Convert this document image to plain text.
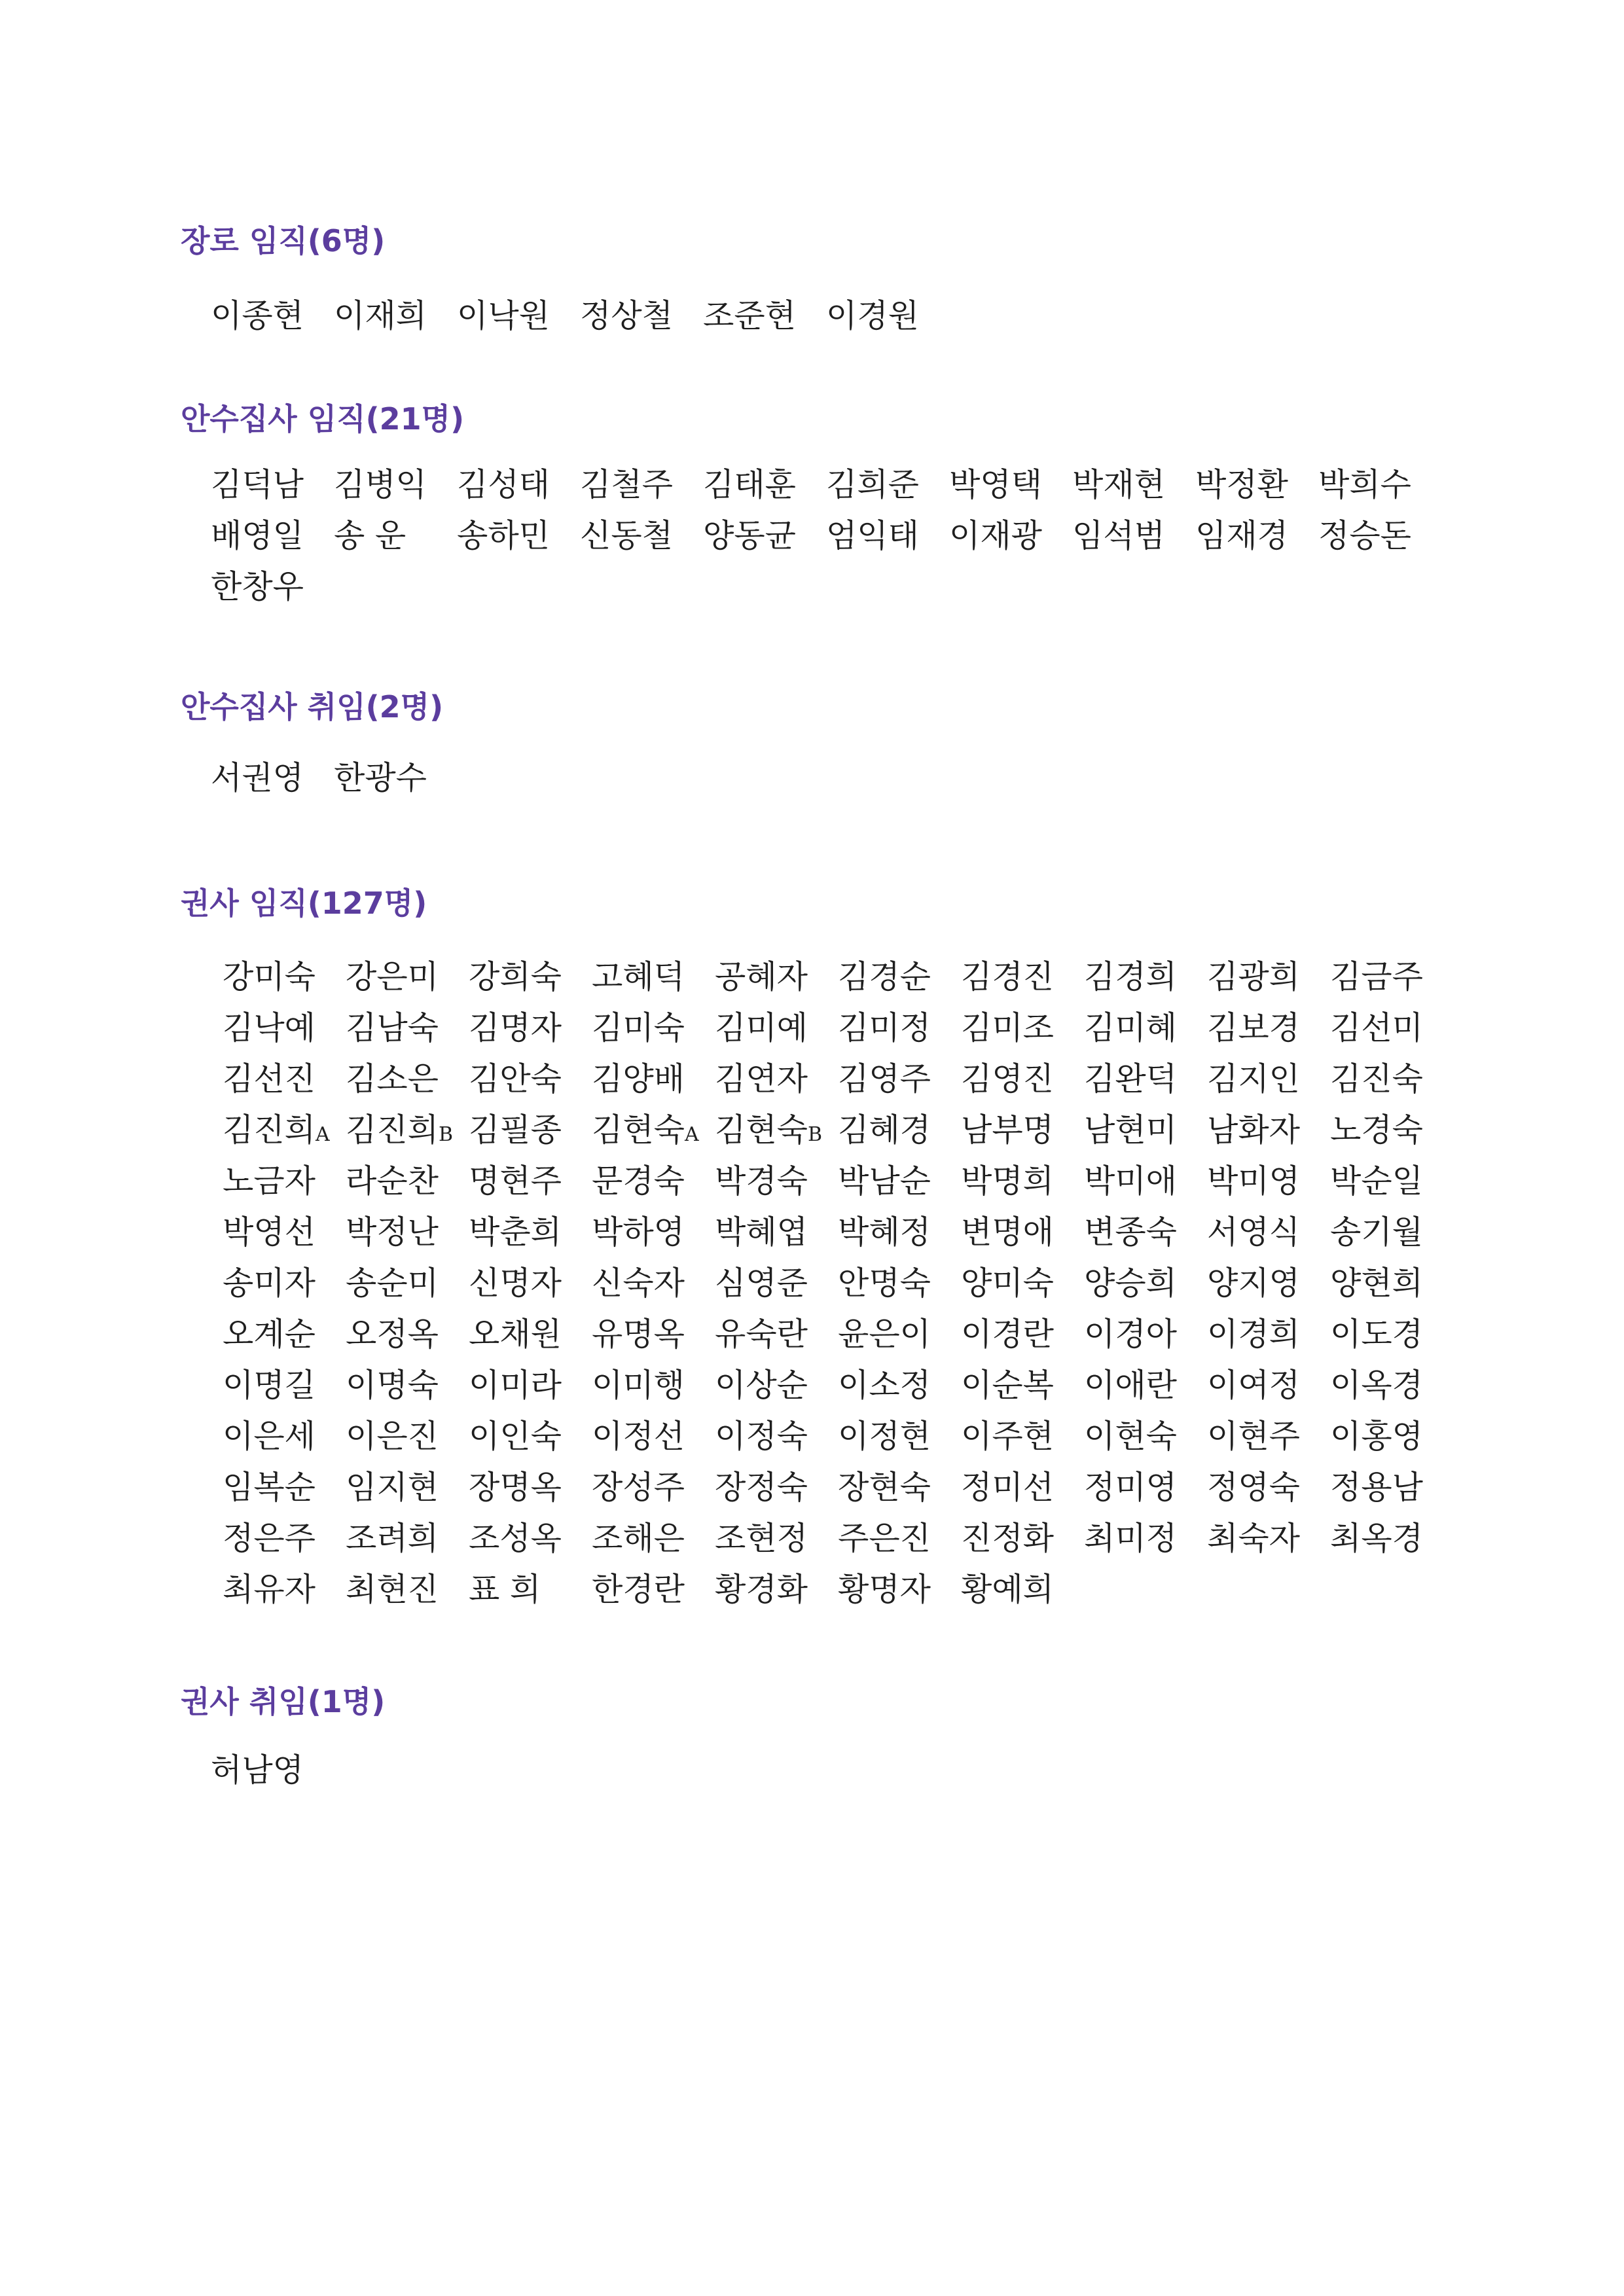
장로 임직(6명)
이종현 이재희 이낙원 정상철 조준현 이경원
안수집사 임직(21명)
김덕남 김병익 김성태 김철주 김태훈 김희준 박영택 박재현 박정환 박희수
배영일 송 운	송하민 신동철 양동균 엄익태 이재광 임석범 임재경 정승돈
한창우
안수집사 취임(2명)
서권영 한광수
권사 임직(127명)
강미숙 강은미 강희숙 고혜덕 공혜자 김경순 김경진 김경희 김광희 김금주
김낙예 김남숙 김명자 김미숙 김미예 김미정 김미조 김미혜 김보경 김선미
김선진 김소은 김안숙 김양배 김연자 김영주 김영진 김완덕 김지인 김진숙
김진희A 김진희B 김필종 김현숙A 김현숙B 김혜경 남부명 남현미 남화자 노경숙
노금자 라순찬 명현주 문경숙 박경숙 박남순 박명희 박미애 박미영 박순일
박영선 박정난 박춘희 박하영 박혜엽 박혜정 변명애 변종숙 서영식 송기월
송미자 송순미 신명자 신숙자 심영준 안명숙 양미숙 양승희 양지영 양현희
오계순 오정옥 오채원 유명옥 유숙란 윤은이 이경란 이경아 이경희 이도경
이명길 이명숙 이미라 이미행 이상순 이소정 이순복 이애란 이여정 이옥경
이은세 이은진 이인숙 이정선 이정숙 이정현 이주현 이현숙 이현주 이홍영
임복순 임지현 장명옥 장성주 장정숙 장현숙 정미선 정미영 정영숙 정용남
정은주 조려희 조성옥 조해은 조현정 주은진 진정화 최미정 최숙자 최옥경
최유자 최현진 표 희	한경란 황경화 황명자 황예희
권사 취임(1명)
허남영
